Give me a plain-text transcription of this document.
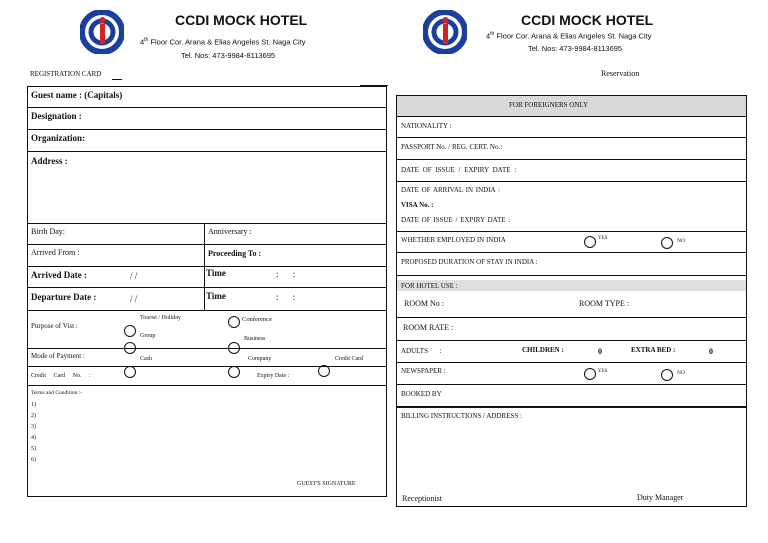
CCDI MOCK HOTEL
4th Floor Cor. Arana & Elias Angeles St. Naga City
Tel. Nos: 473-9984-8113695
CCDI MOCK HOTEL
4th Floor Cor. Arana & Elias Angeles St. Naga City
Tel. Nos: 473-9984-8113695
REGISTRATION CARD
Guest name : (Capitals)
Designation :
Organization:
Address :
Birth Day:	Anniversary :
Arrived From :	Proceeding To :
Arrived Date :	/ /	Time	: :
Departure Date :	/ /	Time	: :
Purpose of Vist :
Tourist / Holiday
Group
Conference
Business
Mode of Payment :	Cash	Company	Credit Card
Credit Card No. :	Expiry Date :
Terms and Condition :-
1)
2)
3)
4)
5)
6)
GUEST'S SIGNATURE
Reservation
FOR FOREIGNERS ONLY
NATIONALITY :
PASSPORT No. / REG. CERT. No.:
DATE OF ISSUE / EXPIRY DATE :
DATE OF ARRIVAL IN INDIA :
VISA No. :
DATE OF ISSUE / EXPIRY DATE :
WHETHER EMPLOYED IN INDIA	YES	NO
PROPOSED DURATION OF STAY IN INDIA :
FOR HOTEL USE :
ROOM No :	ROOM TYPE :
ROOM RATE :
ADULTS :	CHILDREN :	0	EXTRA BED :	0
NEWSPAPER :	YES	NO
BOOKED BY
BILLING INSTRUCTIONS / ADDRESS :
Receptionist	Duty Manager
